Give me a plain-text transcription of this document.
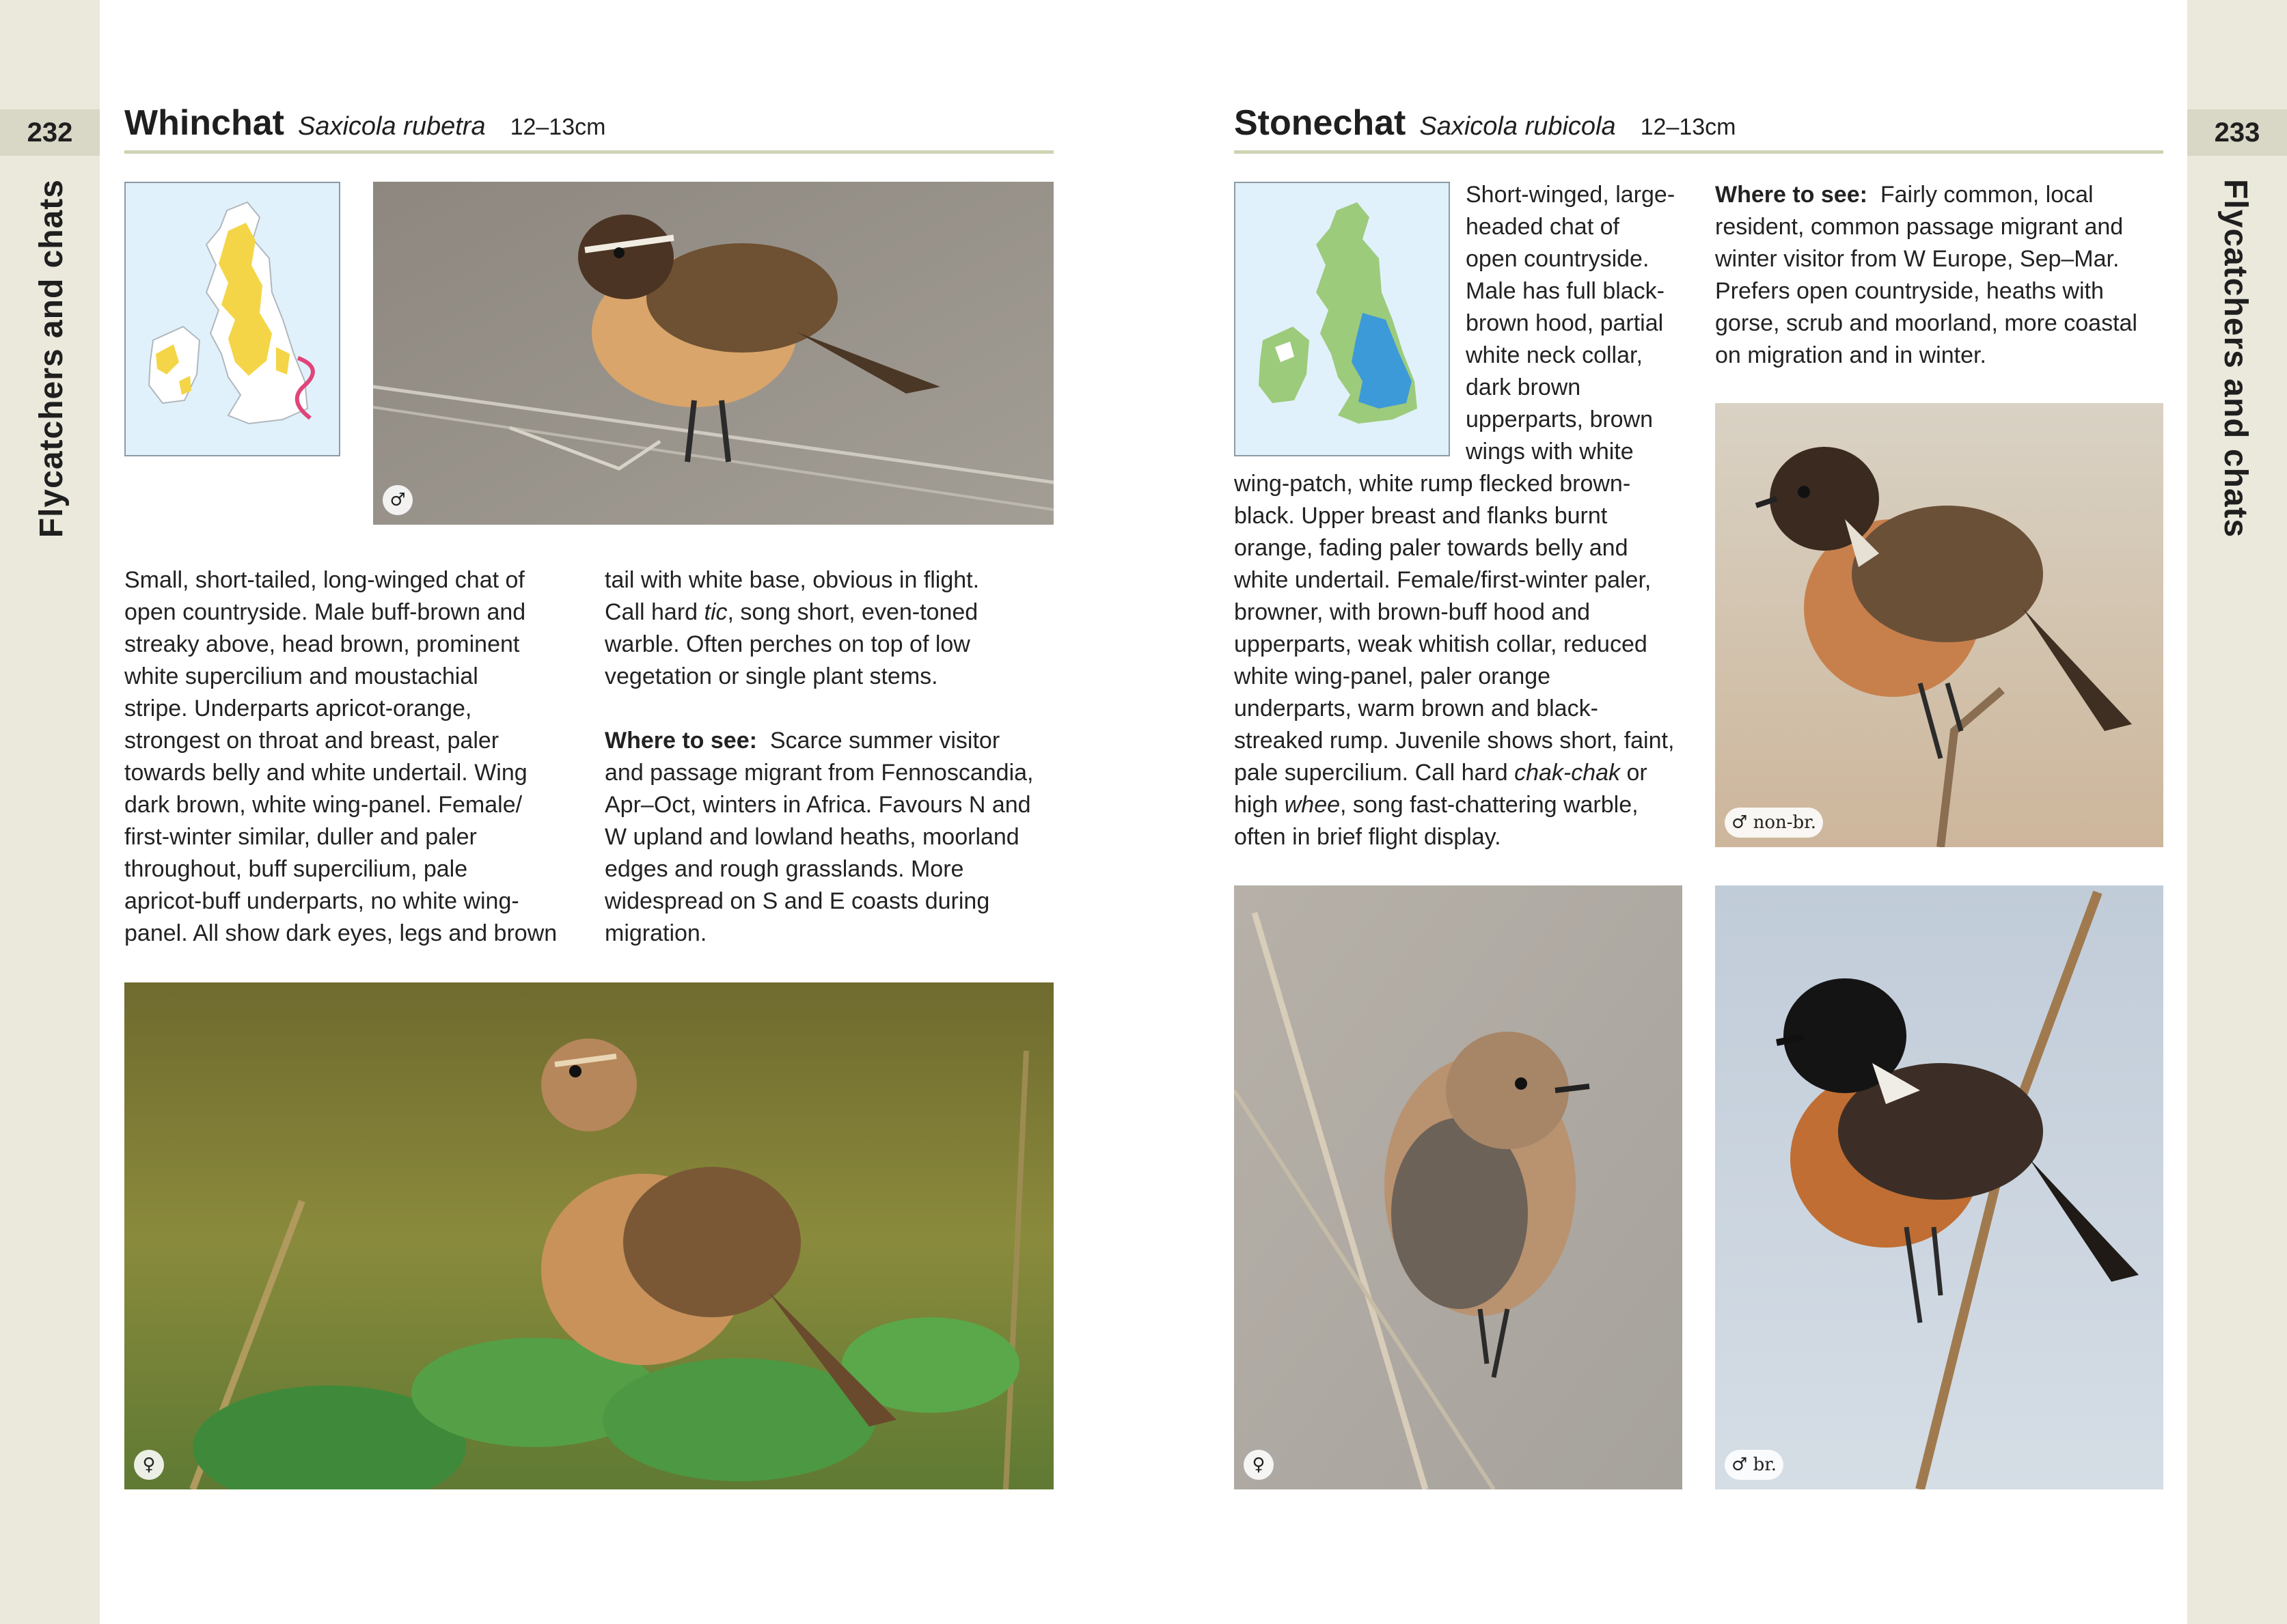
232
Flycatchers and chats
233
Flycatchers and chats
Whinchat Saxicola rubetra 12–13cm
♂

Small, short-tailed, long-winged chat of

open countryside. Male buff-brown and

streaky above, head brown, prominent

white supercilium and moustachial

stripe. Underparts apricot-orange,

strongest on throat and breast, paler

towards belly and white undertail. Wing

dark brown, white wing-panel. Female/

first-winter similar, duller and paler

throughout, buff supercilium, pale

apricot-buff underparts, no white wing-

panel. All show dark eyes, legs and brown

tail with white base, obvious in flight.

Call hard tic, song short, even-toned

warble. Often perches on top of low

vegetation or single plant stems.

Where to see: Scarce summer visitor

and passage migrant from Fennoscandia,

Apr–Oct, winters in Africa. Favours N and

W upland and lowland heaths, moorland

edges and rough grasslands. More

widespread on S and E coasts during

migration.

♀
Stonechat Saxicola rubicola 12–13cm

Short-winged, large-

headed chat of

open countryside.

Male has full black-

brown hood, partial

white neck collar,

dark brown

upperparts, brown

wings with white

wing-patch, white rump flecked brown-

black. Upper breast and flanks burnt

orange, fading paler towards belly and

white undertail. Female/first-winter paler,

browner, with brown-buff hood and

upperparts, weak whitish collar, reduced

white wing-panel, paler orange

underparts, warm brown and black-

streaked rump. Juvenile shows short, faint,

pale supercilium. Call hard chak-chak or

high whee, song fast-chattering warble,

often in brief flight display.

Where to see: Fairly common, local

resident, common passage migrant and

winter visitor from W Europe, Sep–Mar.

Prefers open countryside, heaths with

gorse, scrub and moorland, more coastal

on migration and in winter.

♂ non-br.
♀	♂ br.
